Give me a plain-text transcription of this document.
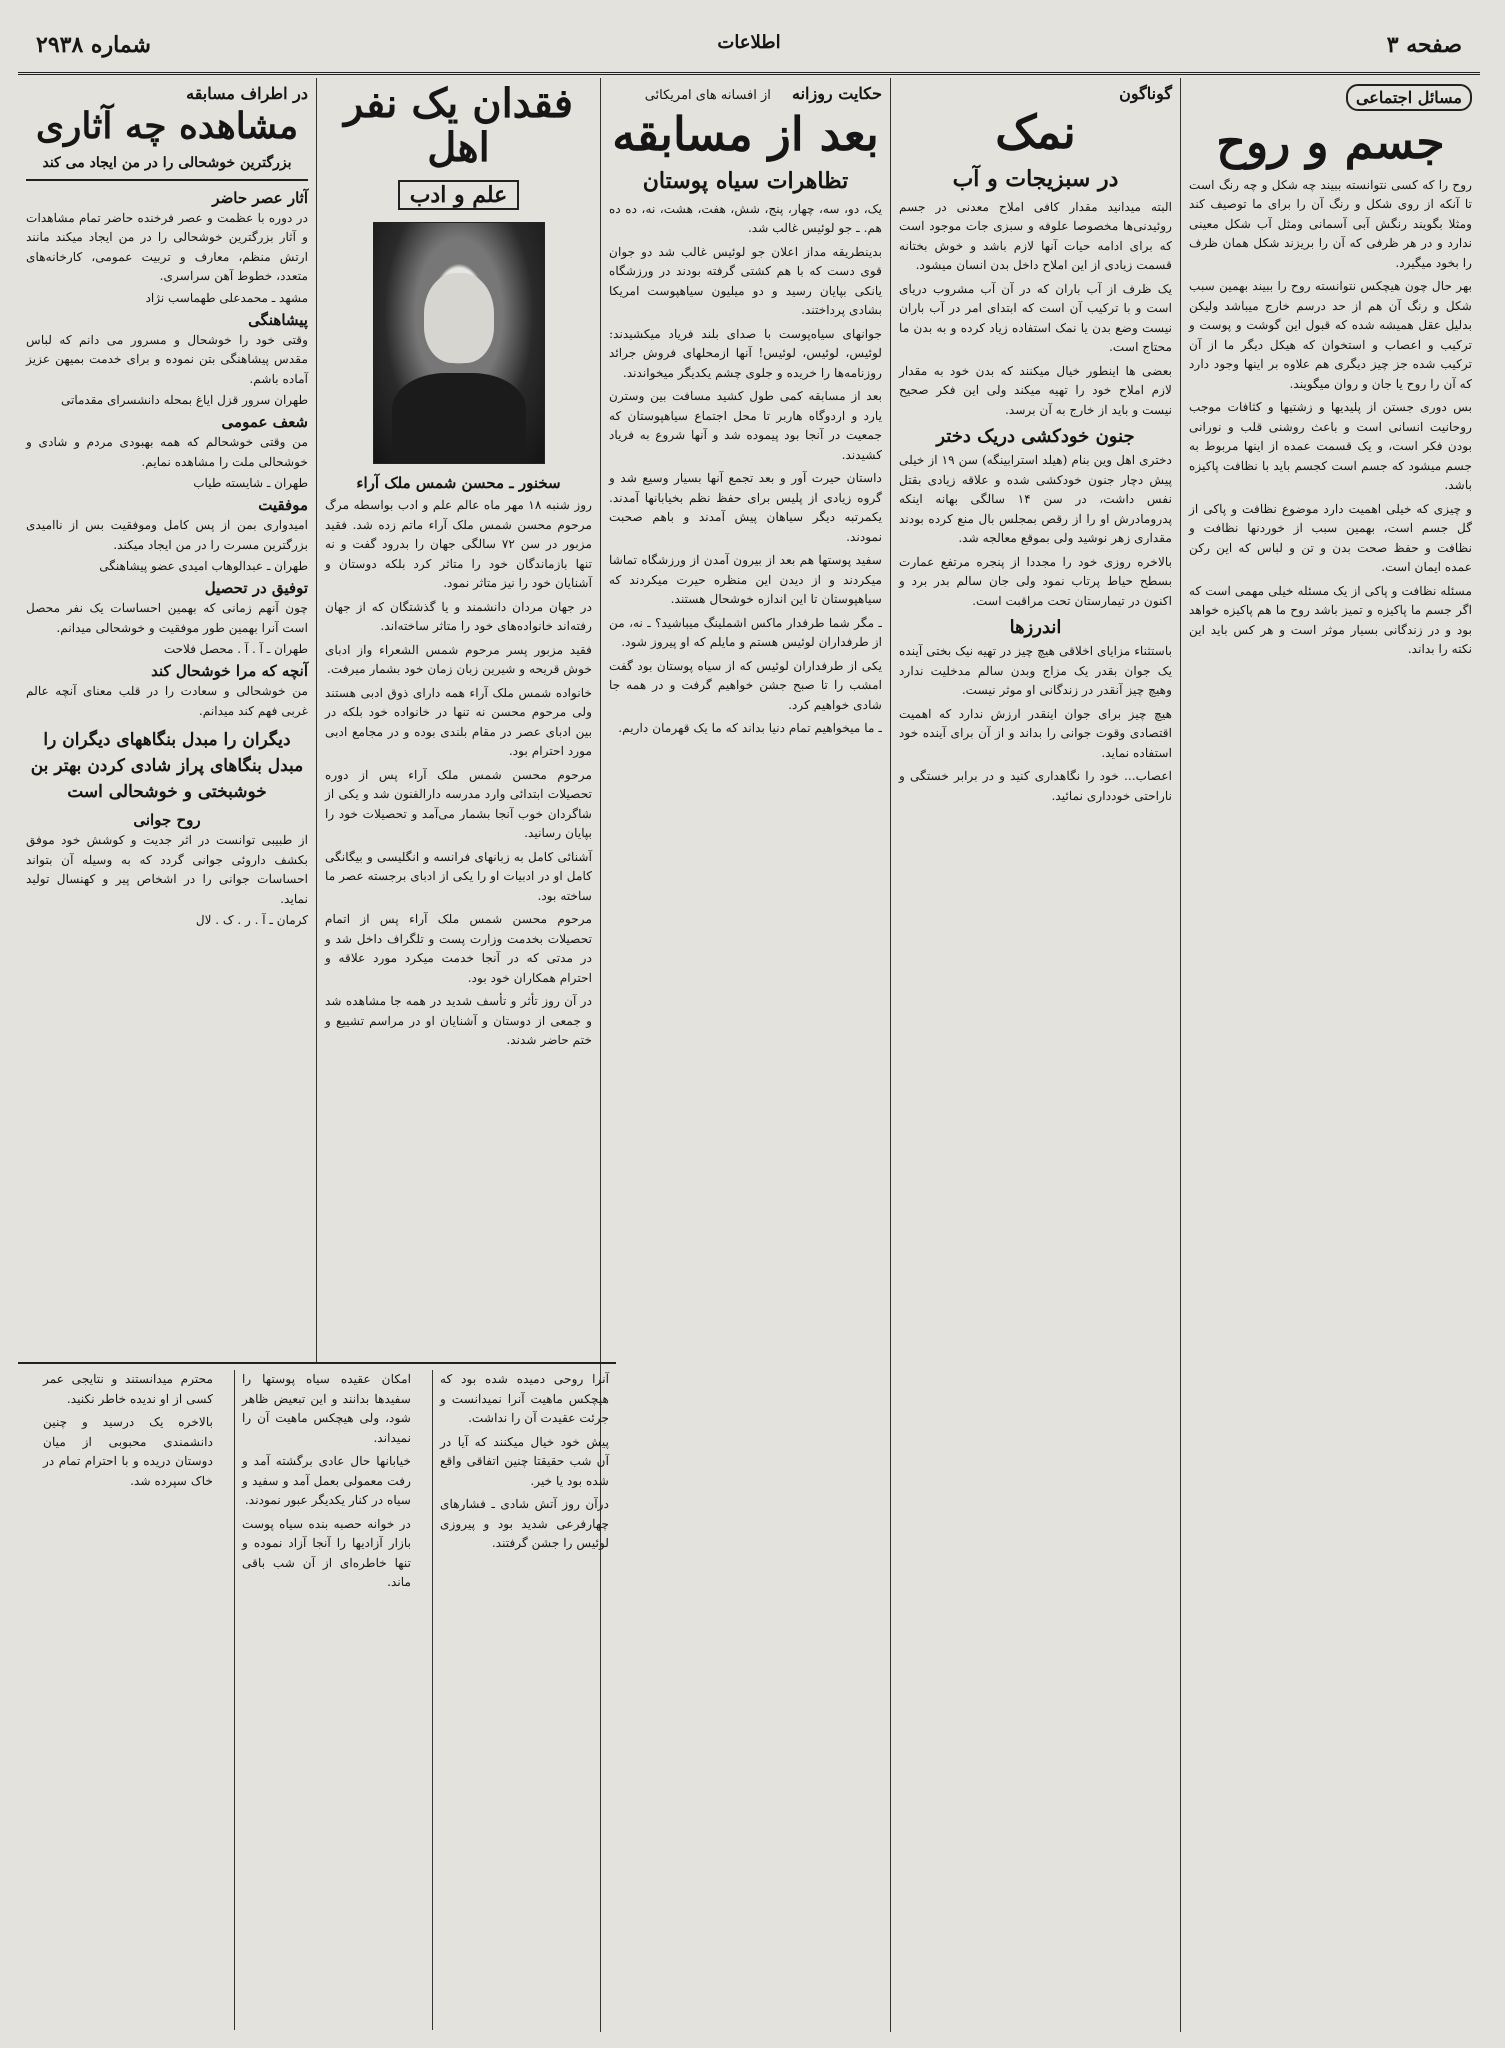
صفحه ۳
اطلاعات
شماره ۲۹۳۸
مسائل اجتماعی
جسم و روح

روح را که کسی نتوانسته ببیند چه شکل و چه رنگ است تا آنکه از روی شکل و رنگ آن را برای ما توصیف کند ومثلا بگویند رنگش آبی آسمانی ومثل آب شکل معینی ندارد و در هر ظرفی که آن را بریزند شکل همان ظرف را بخود میگیرد.

بهر حال چون هیچکس نتوانسته روح را ببیند بهمین سبب شکل و رنگ آن هم از حد درسم خارج میباشد ولیکن بدلیل عقل همیشه شده که قبول این گوشت و پوست و ترکیب و اعصاب و استخوان که هیکل دیگر ما از آن ترکیب شده جز چیز دیگری هم علاوه بر اینها وجود دارد که آن را روح یا جان و روان میگویند.

بس دوری جستن از پلیدیها و زشتیها و کثافات موجب روحانیت انسانی است و باعث روشنی قلب و نورانی بودن فکر است، و یک قسمت عمده از اینها مربوط به جسم میشود که جسم است کجسم باید با نظافت پاکیزه باشد.

و چیزی که خیلی اهمیت دارد موضوع نظافت و پاکی از گل جسم است، بهمین سبب از خوردنها نظافت و نظافت و حفظ صحت بدن و تن و لباس که این رکن عمده ایمان است.

مسئله نظافت و پاکی از یک مسئله خیلی مهمی است که اگر جسم ما پاکیزه و تمیز باشد روح ما هم پاکیزه خواهد بود و در زندگانی بسیار موثر است و هر کس باید این نکته را بداند.

گوناگون
نمک
در سبزیجات و آب

البته میدانید مقدار کافی املاح معدنی در جسم روئیدنی‌ها مخصوصا علوفه و سبزی جات موجود است که برای ادامه حیات آنها لازم باشد و خوش بختانه قسمت زیادی از این املاح داخل بدن انسان میشود.

یک ظرف از آب باران که در آن آب مشروب دریای است و با ترکیب آن است که ابتدای امر در آب باران نیست وضع بدن یا نمک استفاده زیاد کرده و به بدن ما محتاج است.

بعضی ها اینطور خیال میکنند که بدن خود به مقدار لازم املاح خود را تهیه میکند ولی این فکر صحیح نیست و باید از خارج به آن برسد.

جنون خودکشی دریک دختر

دختری اهل وین بنام (هیلد استرابینگه) سن ۱۹ از خیلی پیش دچار جنون خودکشی شده و علاقه زیادی بقتل نفس داشت، در سن ۱۴ سالگی بهانه اینکه پدرومادرش او را از رقص بمجلس بال منع کرده بودند مقداری زهر نوشید ولی بموقع معالجه شد.

بالاخره روزی خود را مجددا از پنجره مرتفع عمارت بسطح حیاط پرتاب نمود ولی جان سالم بدر برد و اکنون در تیمارستان تحت مراقبت است.

اندرزها

باستثناء مزایای اخلاقی هیچ چیز در تهیه نیک بختی آینده یک جوان بقدر یک مزاج وبدن سالم مدخلیت ندارد وهیچ چیز آنقدر در زندگانی او موثر نیست.

هیچ چیز برای جوان اینقدر ارزش ندارد که اهمیت اقتصادی وقوت جوانی را بداند و از آن برای آینده خود استفاده نماید.

اعصاب... خود را نگاهداری کنید و در برابر خستگی و ناراحتی خودداری نمائید.

حکایت روزانه از افسانه های امریکائی
بعد از مسابقه
تظاهرات سیاه پوستان

یک، دو، سه، چهار، پنج، شش، هفت، هشت، نه، ده ده هم. ـ جو لوئیس غالب شد.

بدینطریقه مداز اعلان جو لوئیس غالب شد دو جوان قوی دست که با هم کشتی گرفته بودند در ورزشگاه یانکی بپایان رسید و دو میلیون سیاهپوست امریکا بشادی پرداختند.

جوانهای سیاه‌پوست با صدای بلند فریاد میکشیدند: لوئیس، لوئیس، لوئیس! آنها ازمحلهای فروش جرائد روزنامه‌ها را خریده و جلوی چشم یکدیگر میخواندند.

بعد از مسابقه کمی طول کشید مسافت بین وسترن یارد و اردوگاه هاربر تا محل اجتماع سیاهپوستان که جمعیت در آنجا بود پیموده شد و آنها شروع به فریاد کشیدند.

داستان حیرت آور و بعد تجمع آنها بسیار وسیع شد و گروه زیادی از پلیس برای حفظ نظم بخیابانها آمدند. یکمرتبه دیگر سیاهان پیش آمدند و باهم صحبت نمودند.

سفید پوستها هم بعد از بیرون آمدن از ورزشگاه تماشا میکردند و از دیدن این منظره حیرت میکردند که سیاهپوستان تا این اندازه خوشحال هستند.

ـ مگر شما طرفدار ماکس اشملینگ میباشید؟ ـ نه، من از طرفداران لوئیس هستم و مایلم که او پیروز شود.

یکی از طرفداران لوئیس که از سیاه پوستان بود گفت امشب را تا صبح جشن خواهیم گرفت و در همه جا شادی خواهیم کرد.

ـ ما میخواهیم تمام دنیا بداند که ما یک قهرمان داریم.

فقدان یک نفر اهل
علم و ادب
سخنور ـ محسن شمس ملک آراء

روز شنبه ۱۸ مهر ماه عالم علم و ادب بواسطه مرگ مرحوم محسن شمس ملک آراء ماتم زده شد. فقید مزبور در سن ۷۲ سالگی جهان را بدرود گفت و نه تنها بازماندگان خود را متاثر کرد بلکه دوستان و آشنایان خود را نیز متاثر نمود.

در جهان مردان دانشمند و یا گذشتگان که از جهان رفته‌اند خانواده‌های خود را متاثر ساخته‌اند.

فقید مزبور پسر مرحوم شمس الشعراء واز ادبای خوش قریحه و شیرین زبان زمان خود بشمار میرفت.

خانواده شمس ملک آراء همه دارای ذوق ادبی هستند ولی مرحوم محسن نه تنها در خانواده خود بلکه در بین ادبای عصر در مقام بلندی بوده و در مجامع ادبی مورد احترام بود.

مرحوم محسن شمس ملک آراء پس از دوره تحصیلات ابتدائی وارد مدرسه دارالفنون شد و یکی از شاگردان خوب آنجا بشمار می‌آمد و تحصیلات خود را بپایان رسانید.

آشنائی کامل به زبانهای فرانسه و انگلیسی و بیگانگی کامل او در ادبیات او را یکی از ادبای برجسته عصر ما ساخته بود.

مرحوم محسن شمس ملک آراء پس از اتمام تحصیلات بخدمت وزارت پست و تلگراف داخل شد و در مدتی که در آنجا خدمت میکرد مورد علاقه و احترام همکاران خود بود.

در آن روز تأثر و تأسف شدید در همه جا مشاهده شد و جمعی از دوستان و آشنایان او در مراسم تشییع و ختم حاضر شدند.

در اطراف مسابقه
مشاهده چه آثاری
بزرگترین خوشحالی را در من ایجاد می کند
آثار عصر حاضر

در دوره با عظمت و عصر فرخنده حاضر تمام مشاهدات و آثار بزرگترین خوشحالی را در من ایجاد میکند مانند ارتش منظم، معارف و تربیت عمومی، کارخانه‌های متعدد، خطوط آهن سراسری.

مشهد ـ محمدعلی طهماسب نژاد
پیشاهنگی

وقتی خود را خوشحال و مسرور می دانم که لباس مقدس پیشاهنگی بتن نموده و برای خدمت بمیهن عزیز آماده باشم.

طهران سرور قزل ایاغ بمحله دانشسرای مقدماتی
شعف عمومی

من وقتی خوشحالم که همه بهبودی مردم و شادی و خوشحالی ملت را مشاهده نمایم.

طهران ـ شایسته طیاب
موفقیت

امیدواری بمن از پس کامل وموفقیت بس از ناامیدی بزرگترین مسرت را در من ایجاد میکند.

طهران ـ عبدالوهاب امیدی عضو پیشاهنگی
توفیق در تحصیل

چون آنهم زمانی که بهمین احساسات یک نفر محصل است آنرا بهمین طور موفقیت و خوشحالی میدانم.

طهران ـ آ . آ . محصل فلاحت
آنچه که مرا خوشحال کند

من خوشحالی و سعادت را در قلب معنای آنچه عالم غربی فهم کند میدانم.

دیگران را مبدل بنگاههای دیگران را مبدل بنگاهای پراز شادی کردن بهتر بن خوشبختی و خوشحالی است
روح جوانی

از طبیبی توانست در اثر جدیت و کوشش خود موفق بکشف داروئی جوانی گردد که به وسیله آن بتواند احساسات جوانی را در اشخاص پیر و کهنسال تولید نماید.

کرمان ـ آ . ر . ک . لال

آنرا روحی دمیده شده بود که هیچکس ماهیت آنرا نمیدانست و جرئت عقیدت آن را نداشت.

پیش خود خیال میکنند که آیا در آن شب حقیقتا چنین اتفاقی واقع شده بود یا خیر.

درآن روز آتش شادی ـ فشارهای چهارفرعی شدید بود و پیروزی لوئیس را جشن گرفتند.

امکان عقیده سیاه پوستها را سفیدها بدانند و این تبعیض ظاهر شود، ولی هیچکس ماهیت آن را نمیداند.

خیابانها حال عادی برگشته آمد و رفت معمولی بعمل آمد و سفید و سیاه در کنار یکدیگر عبور نمودند.

در خوانه حصبه بنده سیاه پوست بازار آزادیها را آنجا آزاد نموده و تنها خاطره‌ای از آن شب باقی ماند.

محترم میدانستند و نتایجی عمر کسی از او ندیده خاطر نکنید.

بالاخره یک درسید و چنین دانشمندی محبوبی از میان دوستان دریده و با احترام تمام در خاک سپرده شد.
